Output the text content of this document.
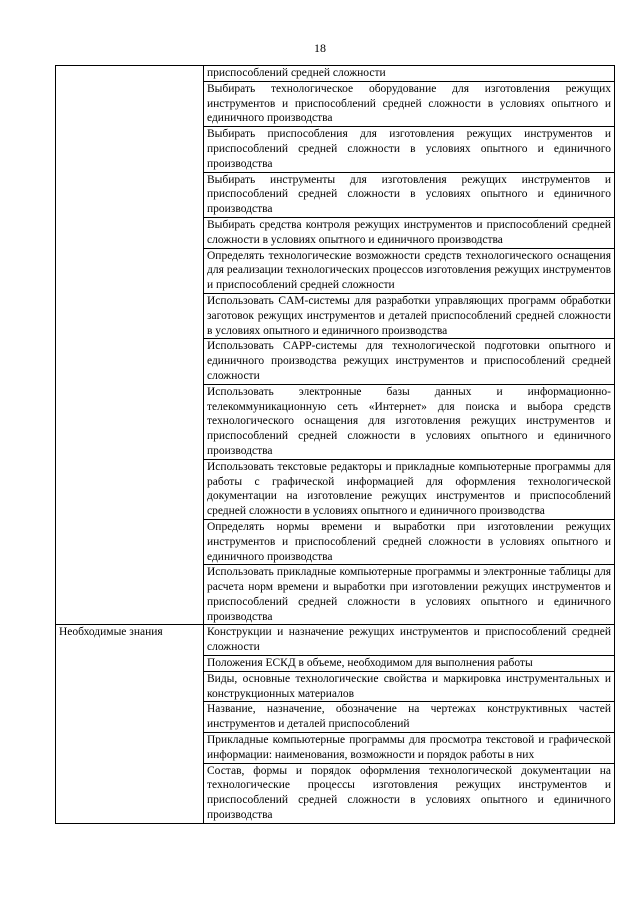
18
	приспособлений средней сложности
	Выбирать технологическое оборудование для изготовления режущих инструментов и приспособлений средней сложности в условиях опытного и единичного производства
	Выбирать приспособления для изготовления режущих инструментов и приспособлений средней сложности в условиях опытного и единичного производства
	Выбирать инструменты для изготовления режущих инструментов и приспособлений средней сложности в условиях опытного и единичного производства
	Выбирать средства контроля режущих инструментов и приспособлений средней сложности в условиях опытного и единичного производства
	Определять технологические возможности средств технологического оснащения для реализации технологических процессов изготовления режущих инструментов и приспособлений средней сложности
	Использовать CAM-системы для разработки управляющих программ обработки заготовок режущих инструментов и деталей приспособлений средней сложности в условиях опытного и единичного производства
	Использовать CAPP-системы для технологической подготовки опытного и единичного производства режущих инструментов и приспособлений средней сложности
	Использовать электронные базы данных и информационно-телекоммуникационную сеть «Интернет» для поиска и выбора средств технологического оснащения для изготовления режущих инструментов и приспособлений средней сложности в условиях опытного и единичного производства
	Использовать текстовые редакторы и прикладные компьютерные программы для работы с графической информацией для оформления технологической документации на изготовление режущих инструментов и приспособлений средней сложности в условиях опытного и единичного производства
	Определять нормы времени и выработки при изготовлении режущих инструментов и приспособлений средней сложности в условиях опытного и единичного производства
	Использовать прикладные компьютерные программы и электронные таблицы для расчета норм времени и выработки при изготовлении режущих инструментов и приспособлений средней сложности в условиях опытного и единичного производства
Необходимые знания	Конструкции и назначение режущих инструментов и приспособлений средней сложности
	Положения ЕСКД в объеме, необходимом для выполнения работы
	Виды, основные технологические свойства и маркировка инструментальных и конструкционных материалов
	Название, назначение, обозначение на чертежах конструктивных частей инструментов и деталей приспособлений
	Прикладные компьютерные программы для просмотра текстовой и графической информации: наименования, возможности и порядок работы в них
	Состав, формы и порядок оформления технологической документации на технологические процессы изготовления режущих инструментов и приспособлений средней сложности в условиях опытного и единичного производства
